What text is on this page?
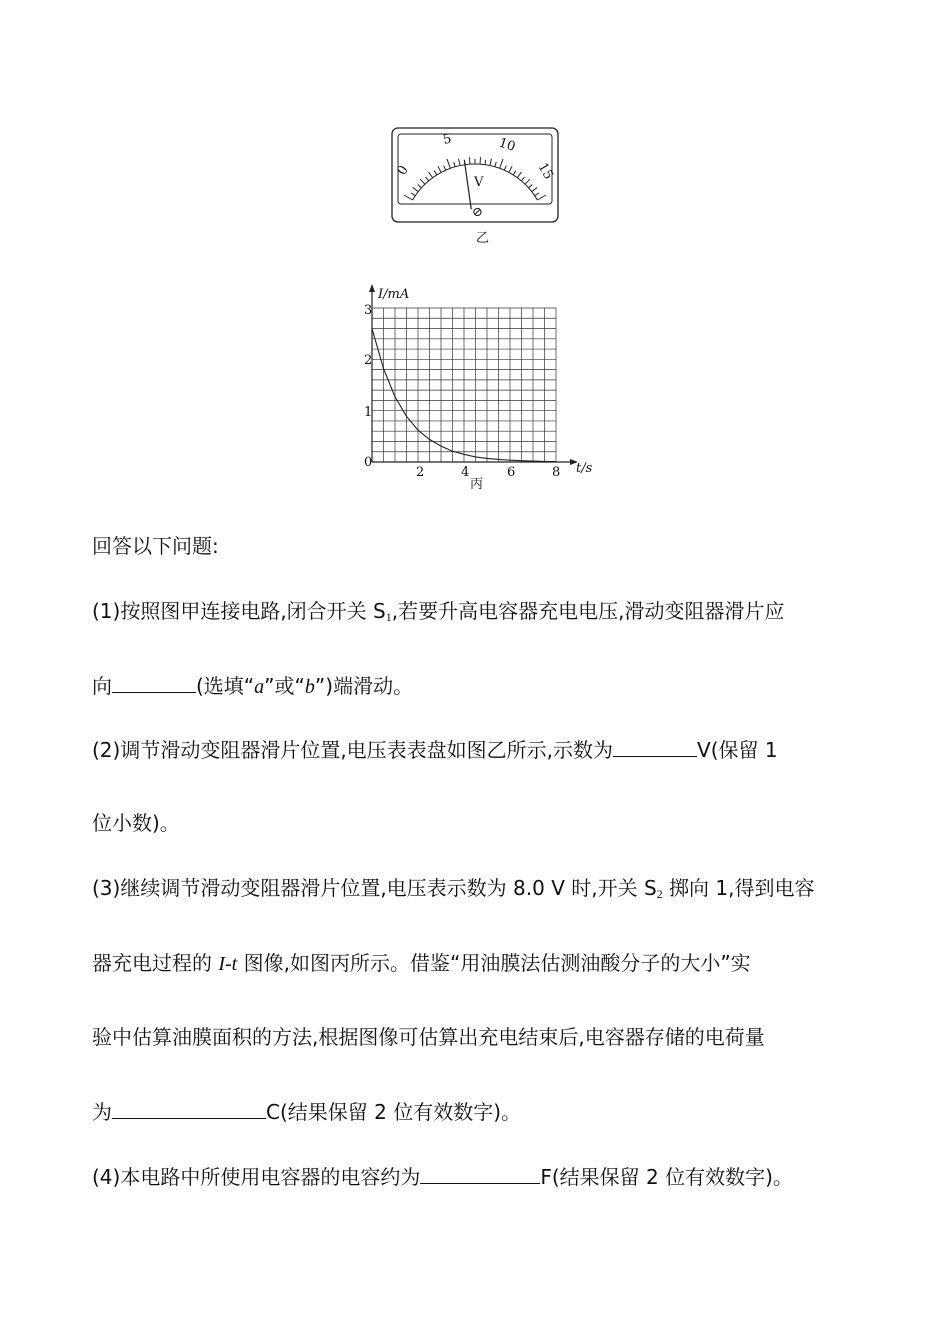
0
5	10
15
V
⊘
乙
I/mA
t/s
0
1
2
3
2	4	6	8
丙
回答以下问题:
(1)按照图甲连接电路,闭合开关 $S_1$,若要升高电容器充电电压,滑动变阻器滑片应
向	(选填“a”或“b”)端滑动。
(2)调节滑动变阻器滑片位置,电压表表盘如图乙所示,示数为	V(保留 1
位小数)。
(3)继续调节滑动变阻器滑片位置,电压表示数为 8.0 V 时,开关 $S_2$ 掷向 1,得到电容
器充电过程的 I-t 图像,如图丙所示。借鉴“用油膜法估测油酸分子的大小”实
验中估算油膜面积的方法,根据图像可估算出充电结束后,电容器存储的电荷量
为	C(结果保留 2 位有效数字)。
(4)本电路中所使用电容器的电容约为	F(结果保留 2 位有效数字)。
